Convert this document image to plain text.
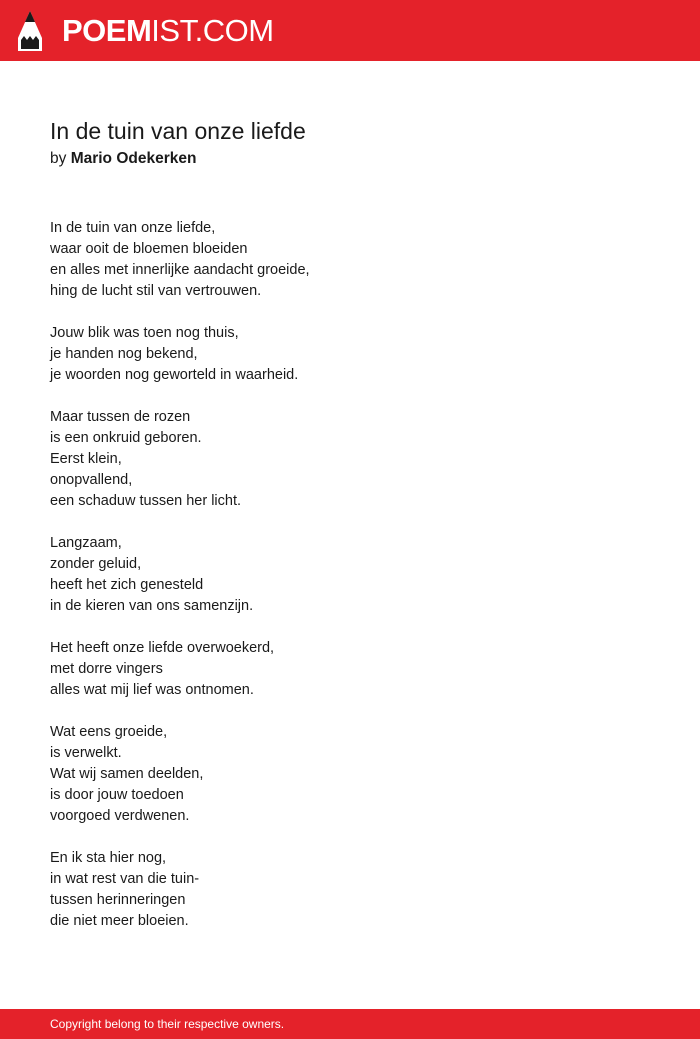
POEMIST.COM
In de tuin van onze liefde
by Mario Odekerken
In de tuin van onze liefde,
waar ooit de bloemen bloeiden
en alles met innerlijke aandacht groeide,
hing de lucht stil van vertrouwen.
Jouw blik was toen nog thuis,
je handen nog bekend,
je woorden nog geworteld in waarheid.
Maar tussen de rozen
is een onkruid geboren.
Eerst klein,
onopvallend,
een schaduw tussen her licht.
Langzaam,
zonder geluid,
heeft het zich genesteld
in de kieren van ons samenzijn.
Het heeft onze liefde overwoekerd,
met dorre vingers
alles wat mij lief was ontnomen.
Wat eens groeide,
is verwelkt.
Wat wij samen deelden,
is door jouw toedoen
voorgoed verdwenen.
En ik sta hier nog,
in wat rest van die tuin-
tussen herinneringen
die niet meer bloeien.
Copyright belong to their respective owners.
